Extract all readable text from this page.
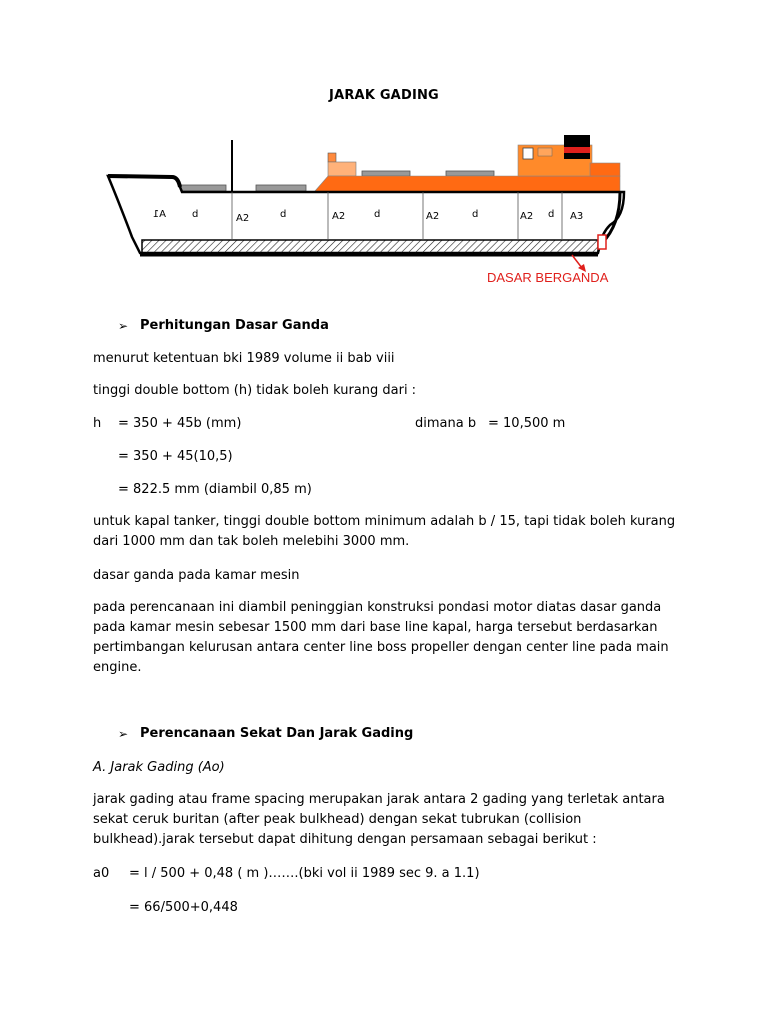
JARAK GADING
A1	d	A2	d	A2	d	A2	d	A2 d A3
DASAR BERGANDA
➢ Perhitungan Dasar Ganda
menurut ketentuan bki 1989 volume ii bab viii
tinggi double bottom (h) tidak boleh kurang dari :
h = 350 + 45b (mm)	dimana b = 10,500 m
= 350 + 45(10,5)
= 822.5 mm (diambil 0,85 m)
untuk kapal tanker, tinggi double bottom minimum adalah b / 15, tapi tidak boleh kurang dari 1000 mm dan tak boleh melebihi 3000 mm.
dasar ganda pada kamar mesin
pada perencanaan ini diambil peninggian konstruksi pondasi motor diatas dasar ganda pada kamar mesin sebesar 1500 mm dari base line kapal, harga tersebut berdasarkan pertimbangan kelurusan antara center line boss propeller dengan center line pada main engine.
➢ Perencanaan Sekat Dan Jarak Gading
A. Jarak Gading (Ao)
jarak gading atau frame spacing merupakan jarak antara 2 gading yang terletak antara sekat ceruk buritan (after peak bulkhead) dengan sekat tubrukan (collision bulkhead).jarak tersebut dapat dihitung dengan persamaan sebagai berikut :
a0 = l / 500 + 0,48 ( m )…….(bki vol ii 1989 sec 9. a 1.1)
= 66/500+0,448
